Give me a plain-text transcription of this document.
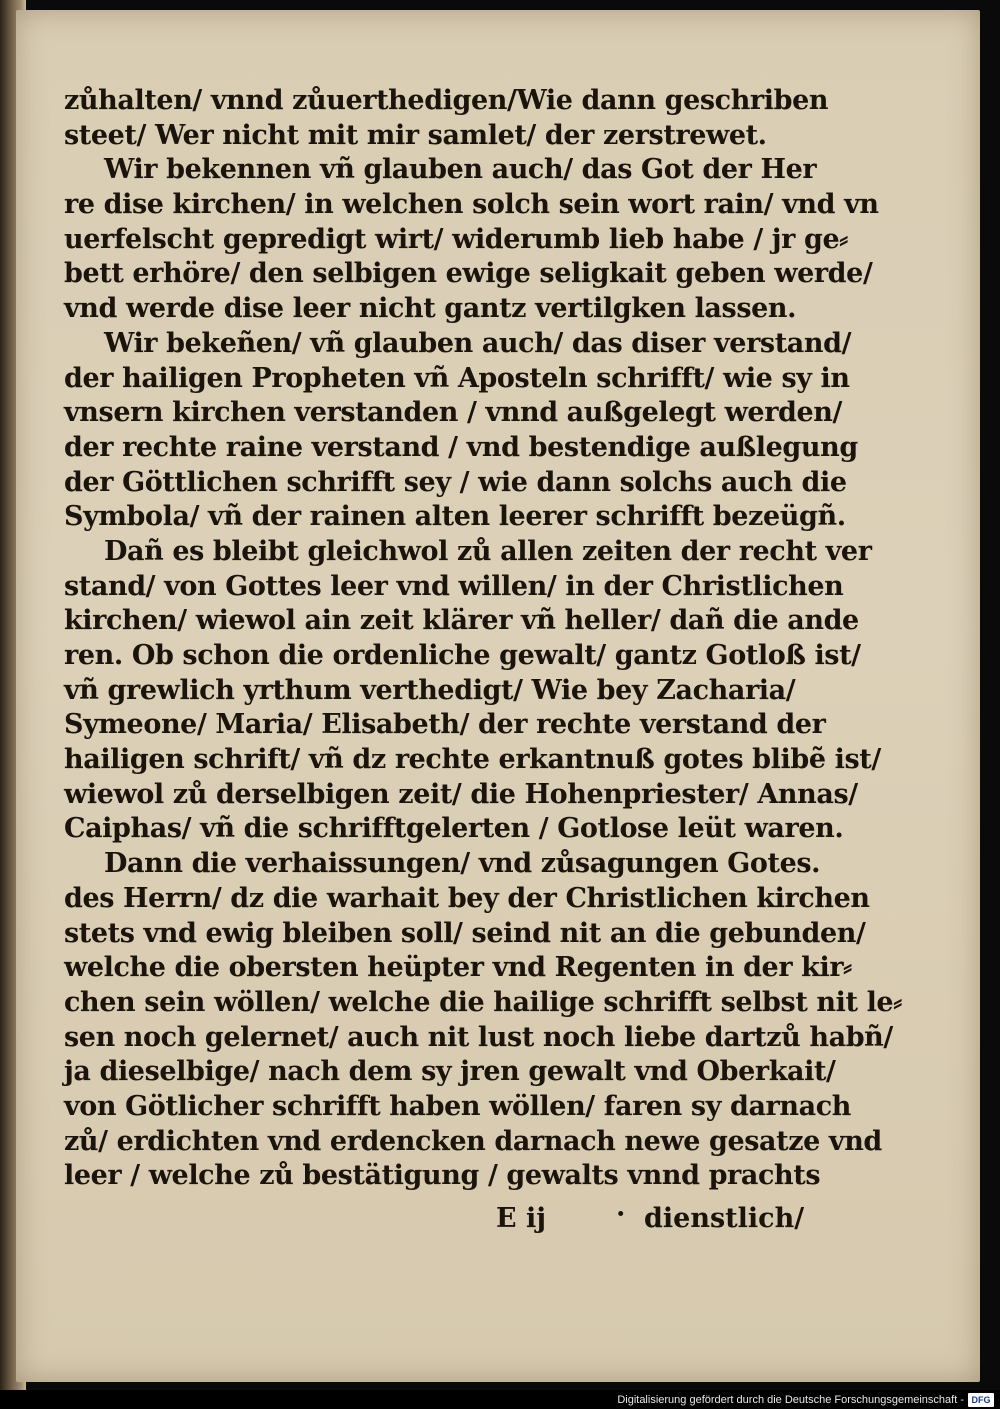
zůhalten/ vnnd zůuerthedigen/Wie dann geschriben
steet/ Wer nicht mit mir samlet/ der zerstrewet.
Wir bekennen vñ glauben auch/ das Got der Her
re dise kirchen/ in welchen solch sein wort rain/ vnd vn
uerfelscht gepredigt wirt/ widerumb lieb habe / jr ge⸗
bett erhöre/ den selbigen ewige seligkait geben werde/
vnd werde dise leer nicht gantz vertilgken lassen.
Wir bekeñen/ vñ glauben auch/ das diser verstand/
der hailigen Propheten vñ Aposteln schrifft/ wie sy in
vnsern kirchen verstanden / vnnd außgelegt werden/
der rechte raine verstand / vnd bestendige außlegung
der Göttlichen schrifft sey / wie dann solchs auch die
Symbola/ vñ der rainen alten leerer schrifft bezeügñ.
Dañ es bleibt gleichwol zů allen zeiten der recht ver
stand/ von Gottes leer vnd willen/ in der Christlichen
kirchen/ wiewol ain zeit klärer vñ heller/ dañ die ande
ren. Ob schon die ordenliche gewalt/ gantz Gotloß ist/
vñ grewlich yrthum verthedigt/ Wie bey Zacharia/
Symeone/ Maria/ Elisabeth/ der rechte verstand der
hailigen schrift/ vñ dz rechte erkantnuß gotes blibẽ ist/
wiewol zů derselbigen zeit/ die Hohenpriester/ Annas/
Caiphas/ vñ die schrifftgelerten / Gotlose leüt waren.
Dann die verhaissungen/ vnd zůsagungen Gotes.
des Herrn/ dz die warhait bey der Christlichen kirchen
stets vnd ewig bleiben soll/ seind nit an die gebunden/
welche die obersten heüpter vnd Regenten in der kir⸗
chen sein wöllen/ welche die hailige schrifft selbst nit le⸗
sen noch gelernet/ auch nit lust noch liebe dartzů habñ/
ja dieselbige/ nach dem sy jren gewalt vnd Oberkait/
von Götlicher schrifft haben wöllen/ faren sy darnach
zů/ erdichten vnd erdencken darnach newe gesatze vnd
leer / welche zů bestätigung / gewalts vnnd prachts
E ij	· dienstlich/
Digitalisierung gefördert durch die Deutsche Forschungsgemeinschaft - DFG
